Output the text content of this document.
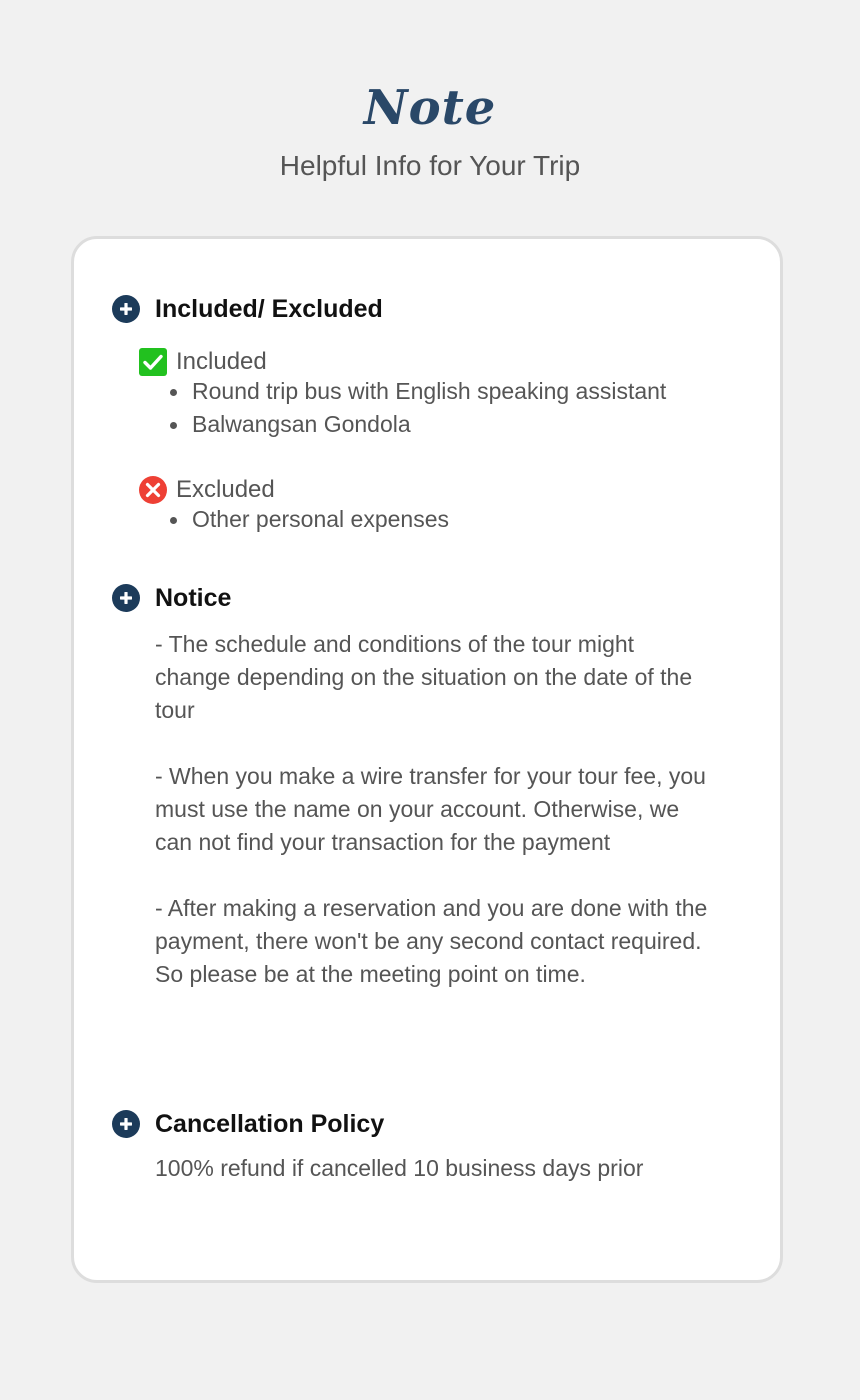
Note
Helpful Info for Your Trip
Included/ Excluded
Included
Round trip bus with English speaking assistant
Balwangsan Gondola
Excluded
Other personal expenses
Notice
- The schedule and conditions of the tour might change depending on the situation on the date of the tour
- When you make a wire transfer for your tour fee, you must use the name on your account. Otherwise, we can not find your transaction for the payment
- After making a reservation and you are done with the payment, there won't be any second contact required. So please be at the meeting point on time.
Cancellation Policy
100% refund if cancelled 10 business days prior
